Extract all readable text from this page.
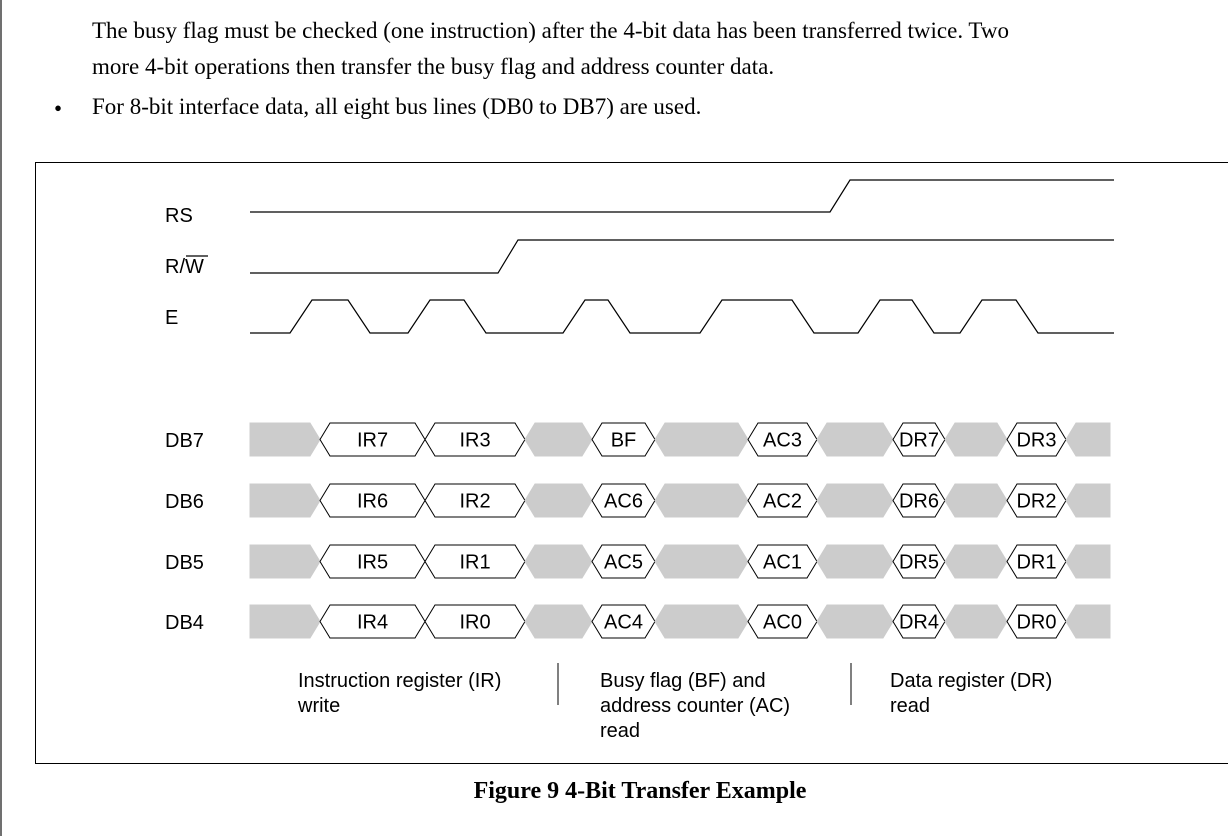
The busy flag must be checked (one instruction) after the 4-bit data has been transferred twice. Two

more 4-bit operations then transfer the busy flag and address counter data.

• For 8-bit interface data, all eight bus lines (DB0 to DB7) are used.

RS
R/W
E
DB7
DB6
DB5
DB4
IR7	IR3	BF	AC3	DR7	DR3
IR6	IR2	AC6	AC2	DR6	DR2
IR5	IR1	AC5	AC1	DR5	DR1
IR4	IR0	AC4	AC0	DR4	DR0
Instruction register (IR)
write
Busy flag (BF) and
address counter (AC)
read
Data register (DR)
read
Figure 9 4-Bit Transfer Example
